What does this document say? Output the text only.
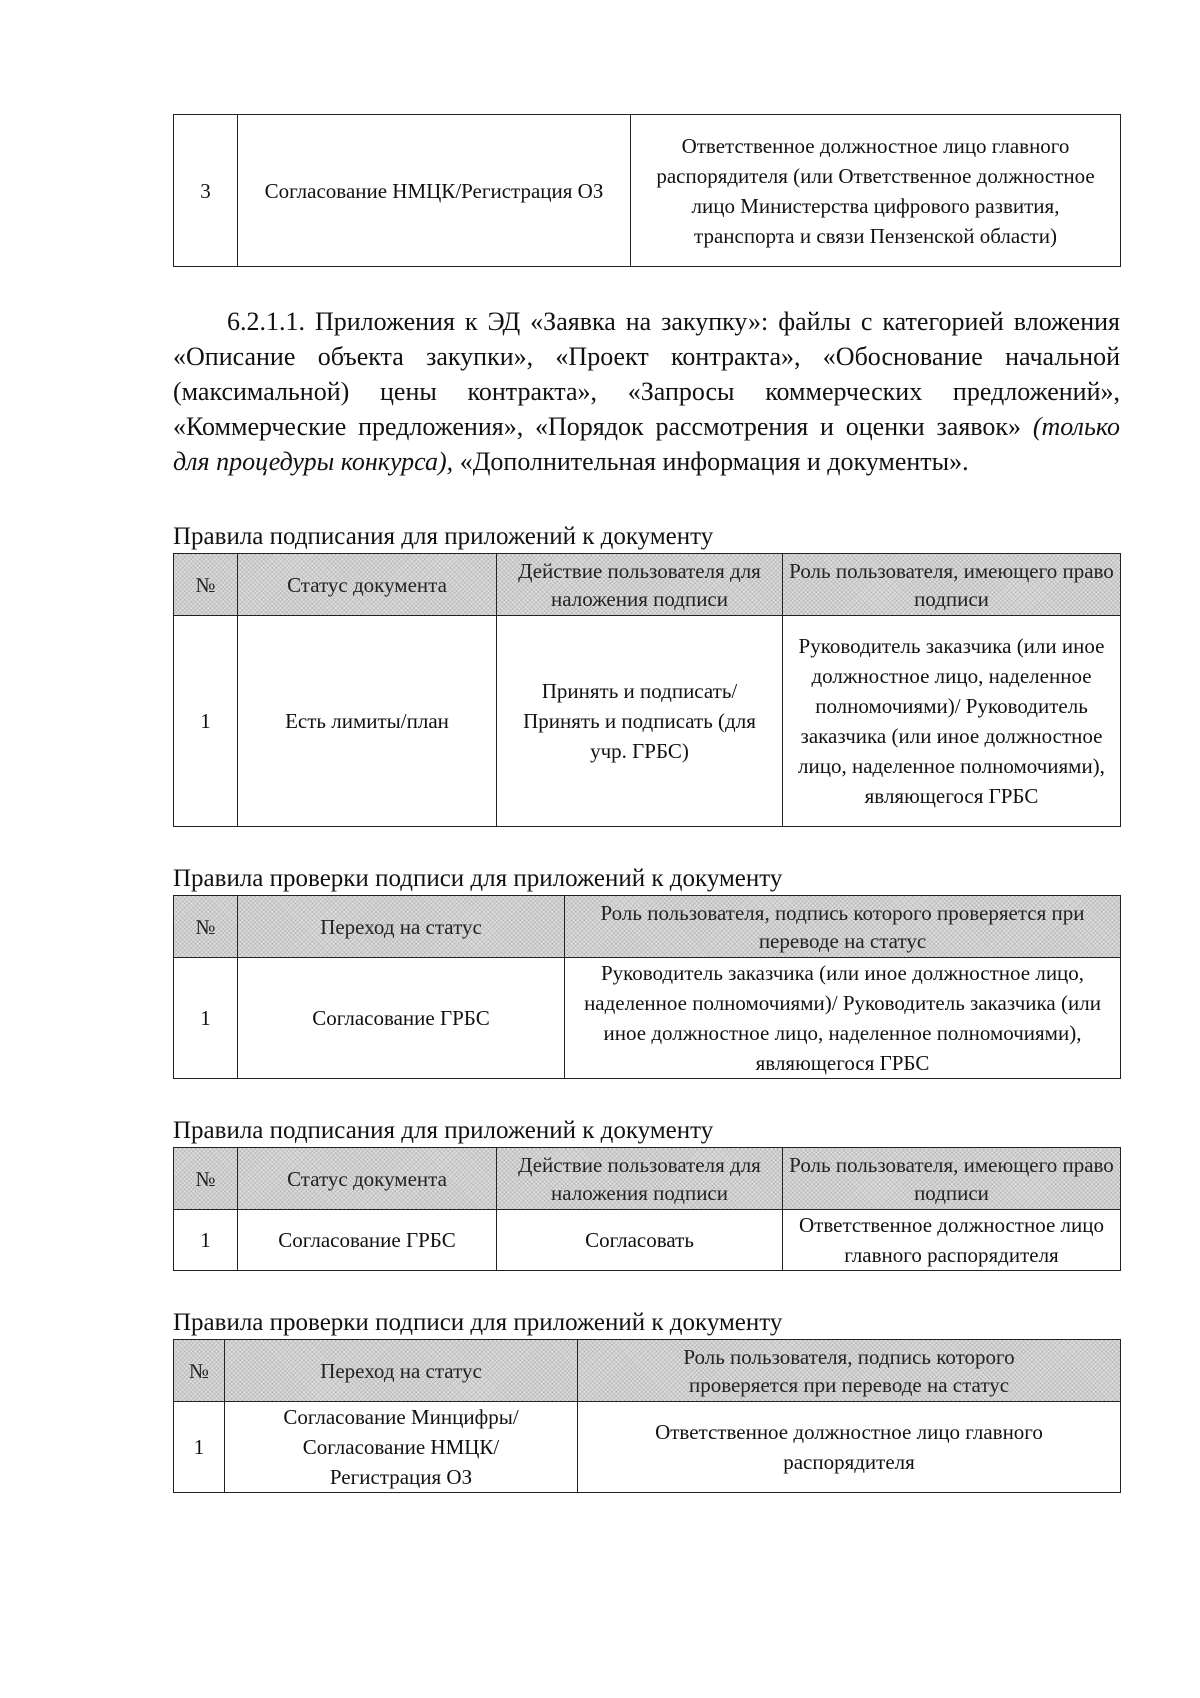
3	Согласование НМЦК/Регистрация ОЗ	Ответственное должностное лицо главного распорядителя (или Ответственное должностное лицо Министерства цифрового развития, транспорта и связи Пензенской области)

6.2.1.1. Приложения к ЭД «Заявка на закупку»: файлы с категорией вложения «Описание объекта закупки», «Проект контракта», «Обоснование начальной (максимальной) цены контракта», «Запросы коммерческих предложений», «Коммерческие предложения», «Порядок рассмотрения и оценки заявок» (только для процедуры конкурса), «Дополнительная информация и документы».

Правила подписания для приложений к документу

№	Статус документа	Действие пользователя для наложения подписи	Роль пользователя, имеющего право подписи
1	Есть лимиты/план	Принять и подписать/Принять и подписать (для учр. ГРБС)	Руководитель заказчика (или иное должностное лицо, наделенное полномочиями)/ Руководитель заказчика (или иное должностное лицо, наделенное полномочиями), являющегося ГРБС

Правила проверки подписи для приложений к документу

№	Переход на статус	Роль пользователя, подпись которого проверяется при переводе на статус
1	Согласование ГРБС	Руководитель заказчика (или иное должностное лицо, наделенное полномочиями)/ Руководитель заказчика (или иное должностное лицо, наделенное полномочиями), являющегося ГРБС

Правила подписания для приложений к документу

№	Статус документа	Действие пользователя для наложения подписи	Роль пользователя, имеющего право подписи
1	Согласование ГРБС	Согласовать	Ответственное должностное лицо главного распорядителя

Правила проверки подписи для приложений к документу

№	Переход на статус	Роль пользователя, подпись которого проверяется при переводе на статус
1	Согласование Минцифры/ Согласование НМЦК/Регистрация ОЗ	Ответственное должностное лицо главного распорядителя
